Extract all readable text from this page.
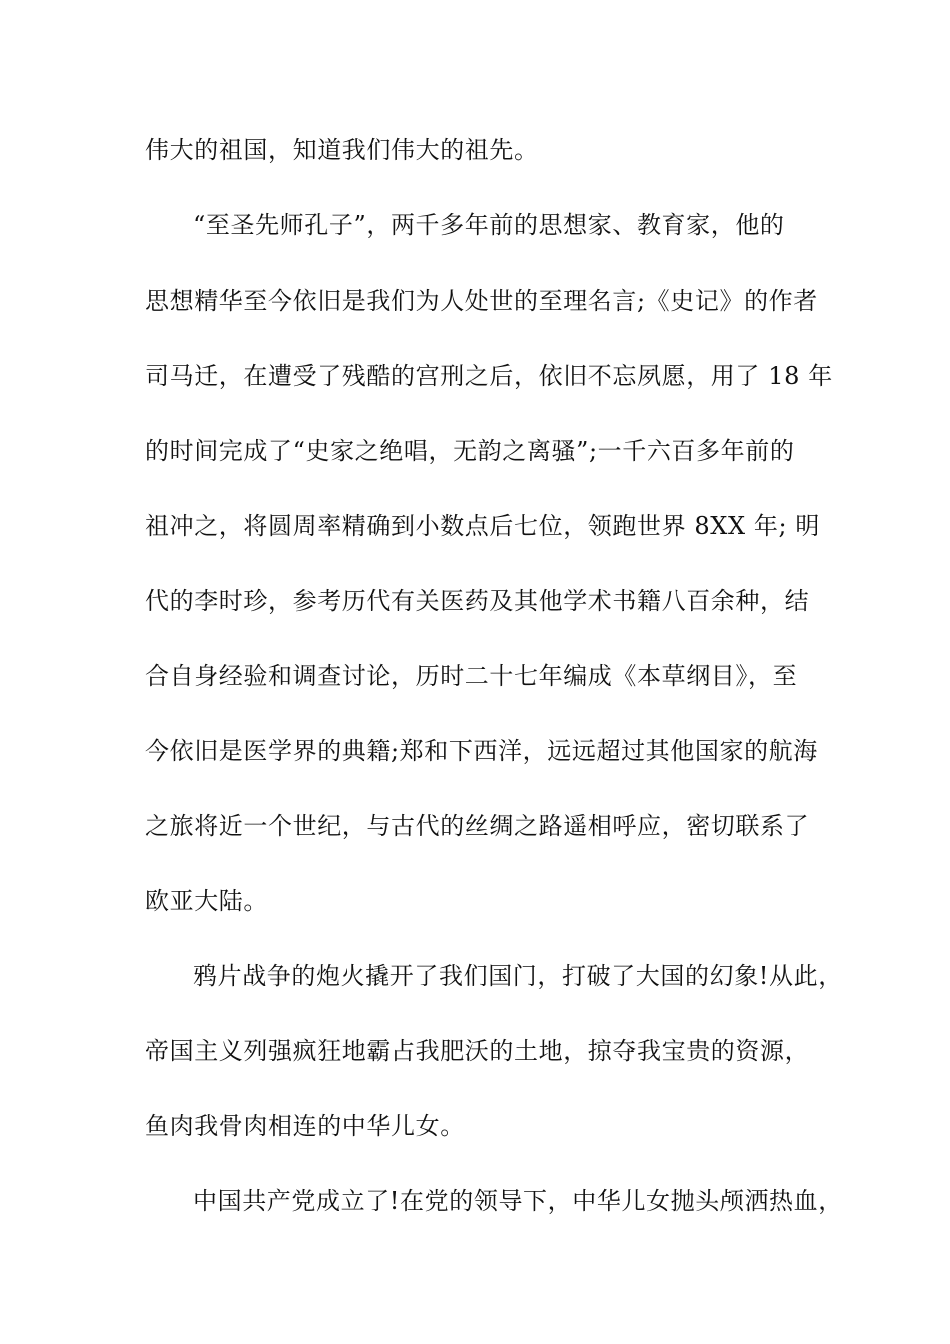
伟大的祖国，知道我们伟大的祖先。
“至圣先师孔子”，两千多年前的思想家、教育家，他的
思想精华至今依旧是我们为人处世的至理名言;《史记》的作者
司马迁，在遭受了残酷的宫刑之后，依旧不忘夙愿，用了 18 年
的时间完成了“史家之绝唱，无韵之离骚”;一千六百多年前的
祖冲之，将圆周率精确到小数点后七位，领跑世界 8XX 年; 明
代的李时珍，参考历代有关医药及其他学术书籍八百余种，结
合自身经验和调查讨论，历时二十七年编成《本草纲目》，至
今依旧是医学界的典籍;郑和下西洋，远远超过其他国家的航海
之旅将近一个世纪，与古代的丝绸之路遥相呼应，密切联系了
欧亚大陆。
鸦片战争的炮火撬开了我们国门，打破了大国的幻象!从此，
帝国主义列强疯狂地霸占我肥沃的土地，掠夺我宝贵的资源，
鱼肉我骨肉相连的中华儿女。
中国共产党成立了!在党的领导下，中华儿女抛头颅洒热血，
